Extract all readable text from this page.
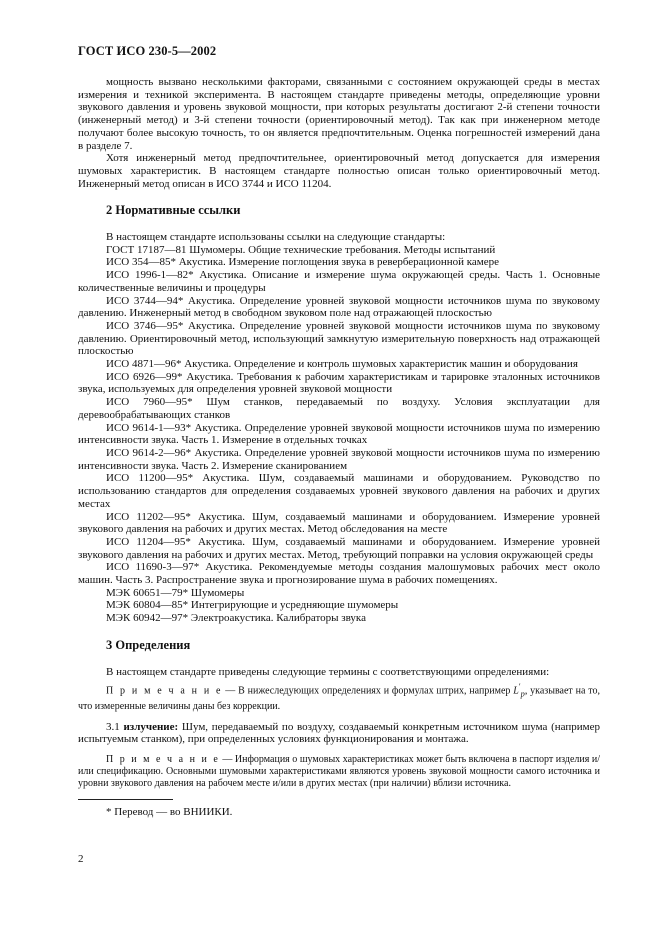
ГОСТ ИСО 230-5—2002

мощность вызвано несколькими факторами, связанными с состоянием окружающей среды в местах измерения и техникой эксперимента. В настоящем стандарте приведены методы, определяющие уровни звукового давления и уровень звуковой мощности, при которых результаты достигают 2-й степени точности (инженерный метод) и 3-й степени точности (ориентировочный метод). Так как при инженерном методе получают более высокую точность, то он является предпочтительным. Оценка погрешностей измерений дана в разделе 7.

Хотя инженерный метод предпочтительнее, ориентировочный метод допускается для измерения шумовых характеристик. В настоящем стандарте полностью описан только ориентировочный метод. Инженерный метод описан в ИСО 3744 и ИСО 11204.

2 Нормативные ссылки

В настоящем стандарте использованы ссылки на следующие стандарты:

ГОСТ 17187—81 Шумомеры. Общие технические требования. Методы испытаний

ИСО 354—85* Акустика. Измерение поглощения звука в реверберационной камере

ИСО 1996-1—82* Акустика. Описание и измерение шума окружающей среды. Часть 1. Основные количественные величины и процедуры

ИСО 3744—94* Акустика. Определение уровней звуковой мощности источников шума по звуковому давлению. Инженерный метод в свободном звуковом поле над отражающей плоскостью

ИСО 3746—95* Акустика. Определение уровней звуковой мощности источников шума по звуковому давлению. Ориентировочный метод, использующий замкнутую измерительную поверхность над отражающей плоскостью

ИСО 4871—96* Акустика. Определение и контроль шумовых характеристик машин и оборудования

ИСО 6926—99* Акустика. Требования к рабочим характеристикам и тарировке эталонных источников звука, используемых для определения уровней звуковой мощности

ИСО 7960—95* Шум станков, передаваемый по воздуху. Условия эксплуатации для деревообрабатывающих станков

ИСО 9614-1—93* Акустика. Определение уровней звуковой мощности источников шума по измерению интенсивности звука. Часть 1. Измерение в отдельных точках

ИСО 9614-2—96* Акустика. Определение уровней звуковой мощности источников шума по измерению интенсивности звука. Часть 2. Измерение сканированием

ИСО 11200—95* Акустика. Шум, создаваемый машинами и оборудованием. Руководство по использованию стандартов для определения создаваемых уровней звукового давления на рабочих и других местах

ИСО 11202—95* Акустика. Шум, создаваемый машинами и оборудованием. Измерение уровней звукового давления на рабочих и других местах. Метод обследования на месте

ИСО 11204—95* Акустика. Шум, создаваемый машинами и оборудованием. Измерение уровней звукового давления на рабочих и других местах. Метод, требующий поправки на условия окружающей среды

ИСО 11690-3—97* Акустика. Рекомендуемые методы создания малошумовых рабочих мест около машин. Часть 3. Распространение звука и прогнозирование шума в рабочих помещениях.

МЭК 60651—79* Шумомеры

МЭК 60804—85* Интегрирующие и усредняющие шумомеры

МЭК 60942—97* Электроакустика. Калибраторы звука

3 Определения

В настоящем стандарте приведены следующие термины с соответствующими определениями:

П р и м е ч а н и е — В нижеследующих определениях и формулах штрих, например $L'_p$, указывает на то, что измеренные величины даны без коррекции.

3.1 излучение: Шум, передаваемый по воздуху, создаваемый конкретным источником шума (например испытуемым станком), при определенных условиях функционирования и монтажа.

П р и м е ч а н и е — Информация о шумовых характеристиках может быть включена в паспорт изделия и/или спецификацию. Основными шумовыми характеристиками являются уровень звуковой мощности самого источника и уровни звукового давления на рабочем месте и/или в других местах (при наличии) вблизи источника.

* Перевод — во ВНИИКИ.
2
